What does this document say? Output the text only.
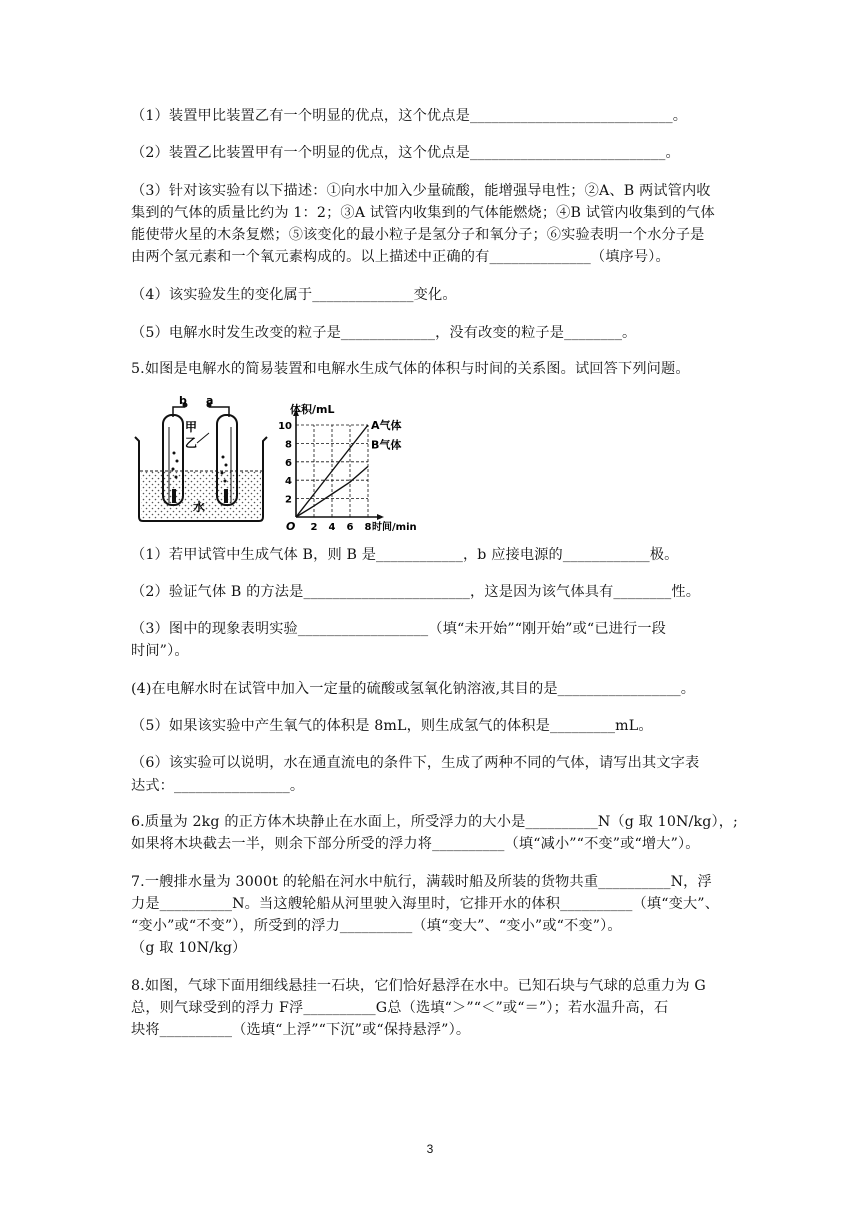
（1）装置甲比装置乙有一个明显的优点，这个优点是____________________________。
（2）装置乙比装置甲有一个明显的优点，这个优点是___________________________。
（3）针对该实验有以下描述：①向水中加入少量硫酸，能增强导电性；②A、B 两试管内收
集到的气体的质量比约为 1：2；③A 试管内收集到的气体能燃烧；④B 试管内收集到的气体
能使带火星的木条复燃；⑤该变化的最小粒子是氢分子和氧分子；⑥实验表明一个水分子是
由两个氢元素和一个氧元素构成的。以上描述中正确的有______________（填序号）。
（4）该实验发生的变化属于______________变化。
（5）电解水时发生改变的粒子是_____________，没有改变的粒子是________。
5.如图是电解水的简易装置和电解水生成气体的体积与时间的关系图。试回答下列问题。
（1）若甲试管中生成气体 B，则 B 是____________，b 应接电源的____________极。
（2）验证气体 B 的方法是_______________________，这是因为该气体具有________性。
（3）图中的现象表明实验__________________（填“未开始”“刚开始”或“已进行一段
时间”）。
(4)在电解水时在试管中加入一定量的硫酸或氢氧化钠溶液,其目的是_________________。
（5）如果该实验中产生氧气的体积是 8mL，则生成氢气的体积是_________mL。
（6）该实验可以说明，水在通直流电的条件下，生成了两种不同的气体，请写出其文字表
达式：________________。
6.质量为 2kg 的正方体木块静止在水面上，所受浮力的大小是__________N（g 取 10N/kg），;
如果将木块截去一半，则余下部分所受的浮力将__________（填“减小”“不变”或“增大”）。
7.一艘排水量为 3000t 的轮船在河水中航行，满载时船及所装的货物共重__________N，浮
力是__________N。当这艘轮船从河里驶入海里时，它排开水的体积__________（填“变大”、
“变小”或“不变”），所受到的浮力__________（填“变大”、“变小”或“不变”）。
（g 取 10N/kg）
8.如图，气球下面用细线悬挂一石块，它们恰好悬浮在水中。已知石块与气球的总重力为 G
总，则气球受到的浮力 F浮__________G总（选填“＞”“＜”或“＝”）；若水温升高，石
块将__________（选填“上浮”“下沉”或“保持悬浮”）。
b a
甲
乙
水	2
4
6
8
10
2 4 6 8
O
体积/mL
时间/min
A气体
B气体
3
